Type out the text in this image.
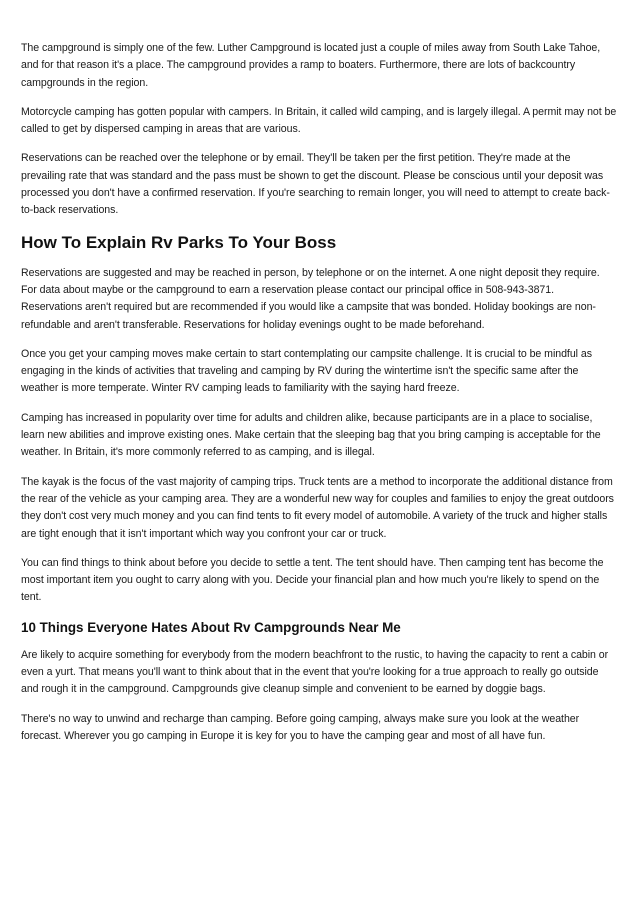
The campground is simply one of the few. Luther Campground is located just a couple of miles away from South Lake Tahoe, and for that reason it's a place. The campground provides a ramp to boaters. Furthermore, there are lots of backcountry campgrounds in the region.

Motorcycle camping has gotten popular with campers. In Britain, it called wild camping, and is largely illegal. A permit may not be called to get by dispersed camping in areas that are various.

Reservations can be reached over the telephone or by email. They'll be taken per the first petition. They're made at the prevailing rate that was standard and the pass must be shown to get the discount. Please be conscious until your deposit was processed you don't have a confirmed reservation. If you're searching to remain longer, you will need to attempt to create back-to-back reservations.

How To Explain Rv Parks To Your Boss

Reservations are suggested and may be reached in person, by telephone or on the internet. A one night deposit they require. For data about maybe or the campground to earn a reservation please contact our principal office in 508-943-3871. Reservations aren't required but are recommended if you would like a campsite that was bonded. Holiday bookings are non-refundable and aren't transferable. Reservations for holiday evenings ought to be made beforehand.

Once you get your camping moves make certain to start contemplating our campsite challenge. It is crucial to be mindful as engaging in the kinds of activities that traveling and camping by RV during the wintertime isn't the specific same after the weather is more temperate. Winter RV camping leads to familiarity with the saying hard freeze.

Camping has increased in popularity over time for adults and children alike, because participants are in a place to socialise, learn new abilities and improve existing ones. Make certain that the sleeping bag that you bring camping is acceptable for the weather. In Britain, it's more commonly referred to as camping, and is illegal.

The kayak is the focus of the vast majority of camping trips. Truck tents are a method to incorporate the additional distance from the rear of the vehicle as your camping area. They are a wonderful new way for couples and families to enjoy the great outdoors they don't cost very much money and you can find tents to fit every model of automobile. A variety of the truck and higher stalls are tight enough that it isn't important which way you confront your car or truck.

You can find things to think about before you decide to settle a tent. The tent should have. Then camping tent has become the most important item you ought to carry along with you. Decide your financial plan and how much you're likely to spend on the tent.

10 Things Everyone Hates About Rv Campgrounds Near Me

Are likely to acquire something for everybody from the modern beachfront to the rustic, to having the capacity to rent a cabin or even a yurt. That means you'll want to think about that in the event that you're looking for a true approach to really go outside and rough it in the campground. Campgrounds give cleanup simple and convenient to be earned by doggie bags.

There's no way to unwind and recharge than camping. Before going camping, always make sure you look at the weather forecast. Wherever you go camping in Europe it is key for you to have the camping gear and most of all have fun.
